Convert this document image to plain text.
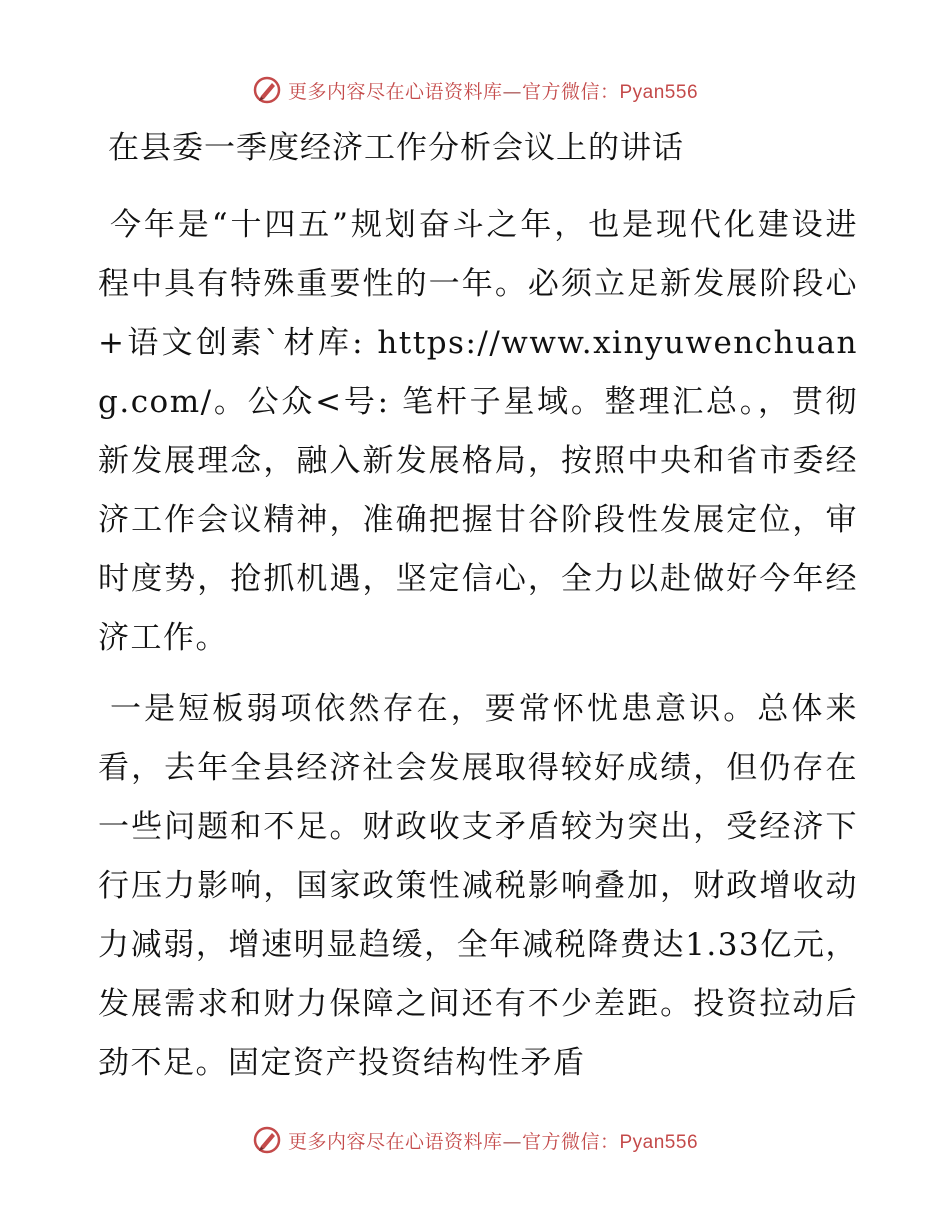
更多内容尽在心语资料库—官方微信：Pyan556
在县委一季度经济工作分析会议上的讲话

今年是“十四五”规划奋斗之年，也是现代化建设进程中具有特殊重要性的一年。必须立足新发展阶段心+语文创素`材库: https://www.xinyuwenchuang.com/。公众<号: 笔杆子星域。整理汇总。，贯彻新发展理念，融入新发展格局，按照中央和省市委经济工作会议精神，准确把握甘谷阶段性发展定位，审时度势，抢抓机遇，坚定信心，全力以赴做好今年经济工作。

一是短板弱项依然存在，要常怀忧患意识。总体来看，去年全县经济社会发展取得较好成绩，但仍存在一些问题和不足。财政收支矛盾较为突出，受经济下行压力影响，国家政策性减税影响叠加，财政增收动力减弱，增速明显趋缓，全年减税降费达1.33亿元，发展需求和财力保障之间还有不少差距。投资拉动后劲不足。固定资产投资结构性矛盾

更多内容尽在心语资料库—官方微信：Pyan556
